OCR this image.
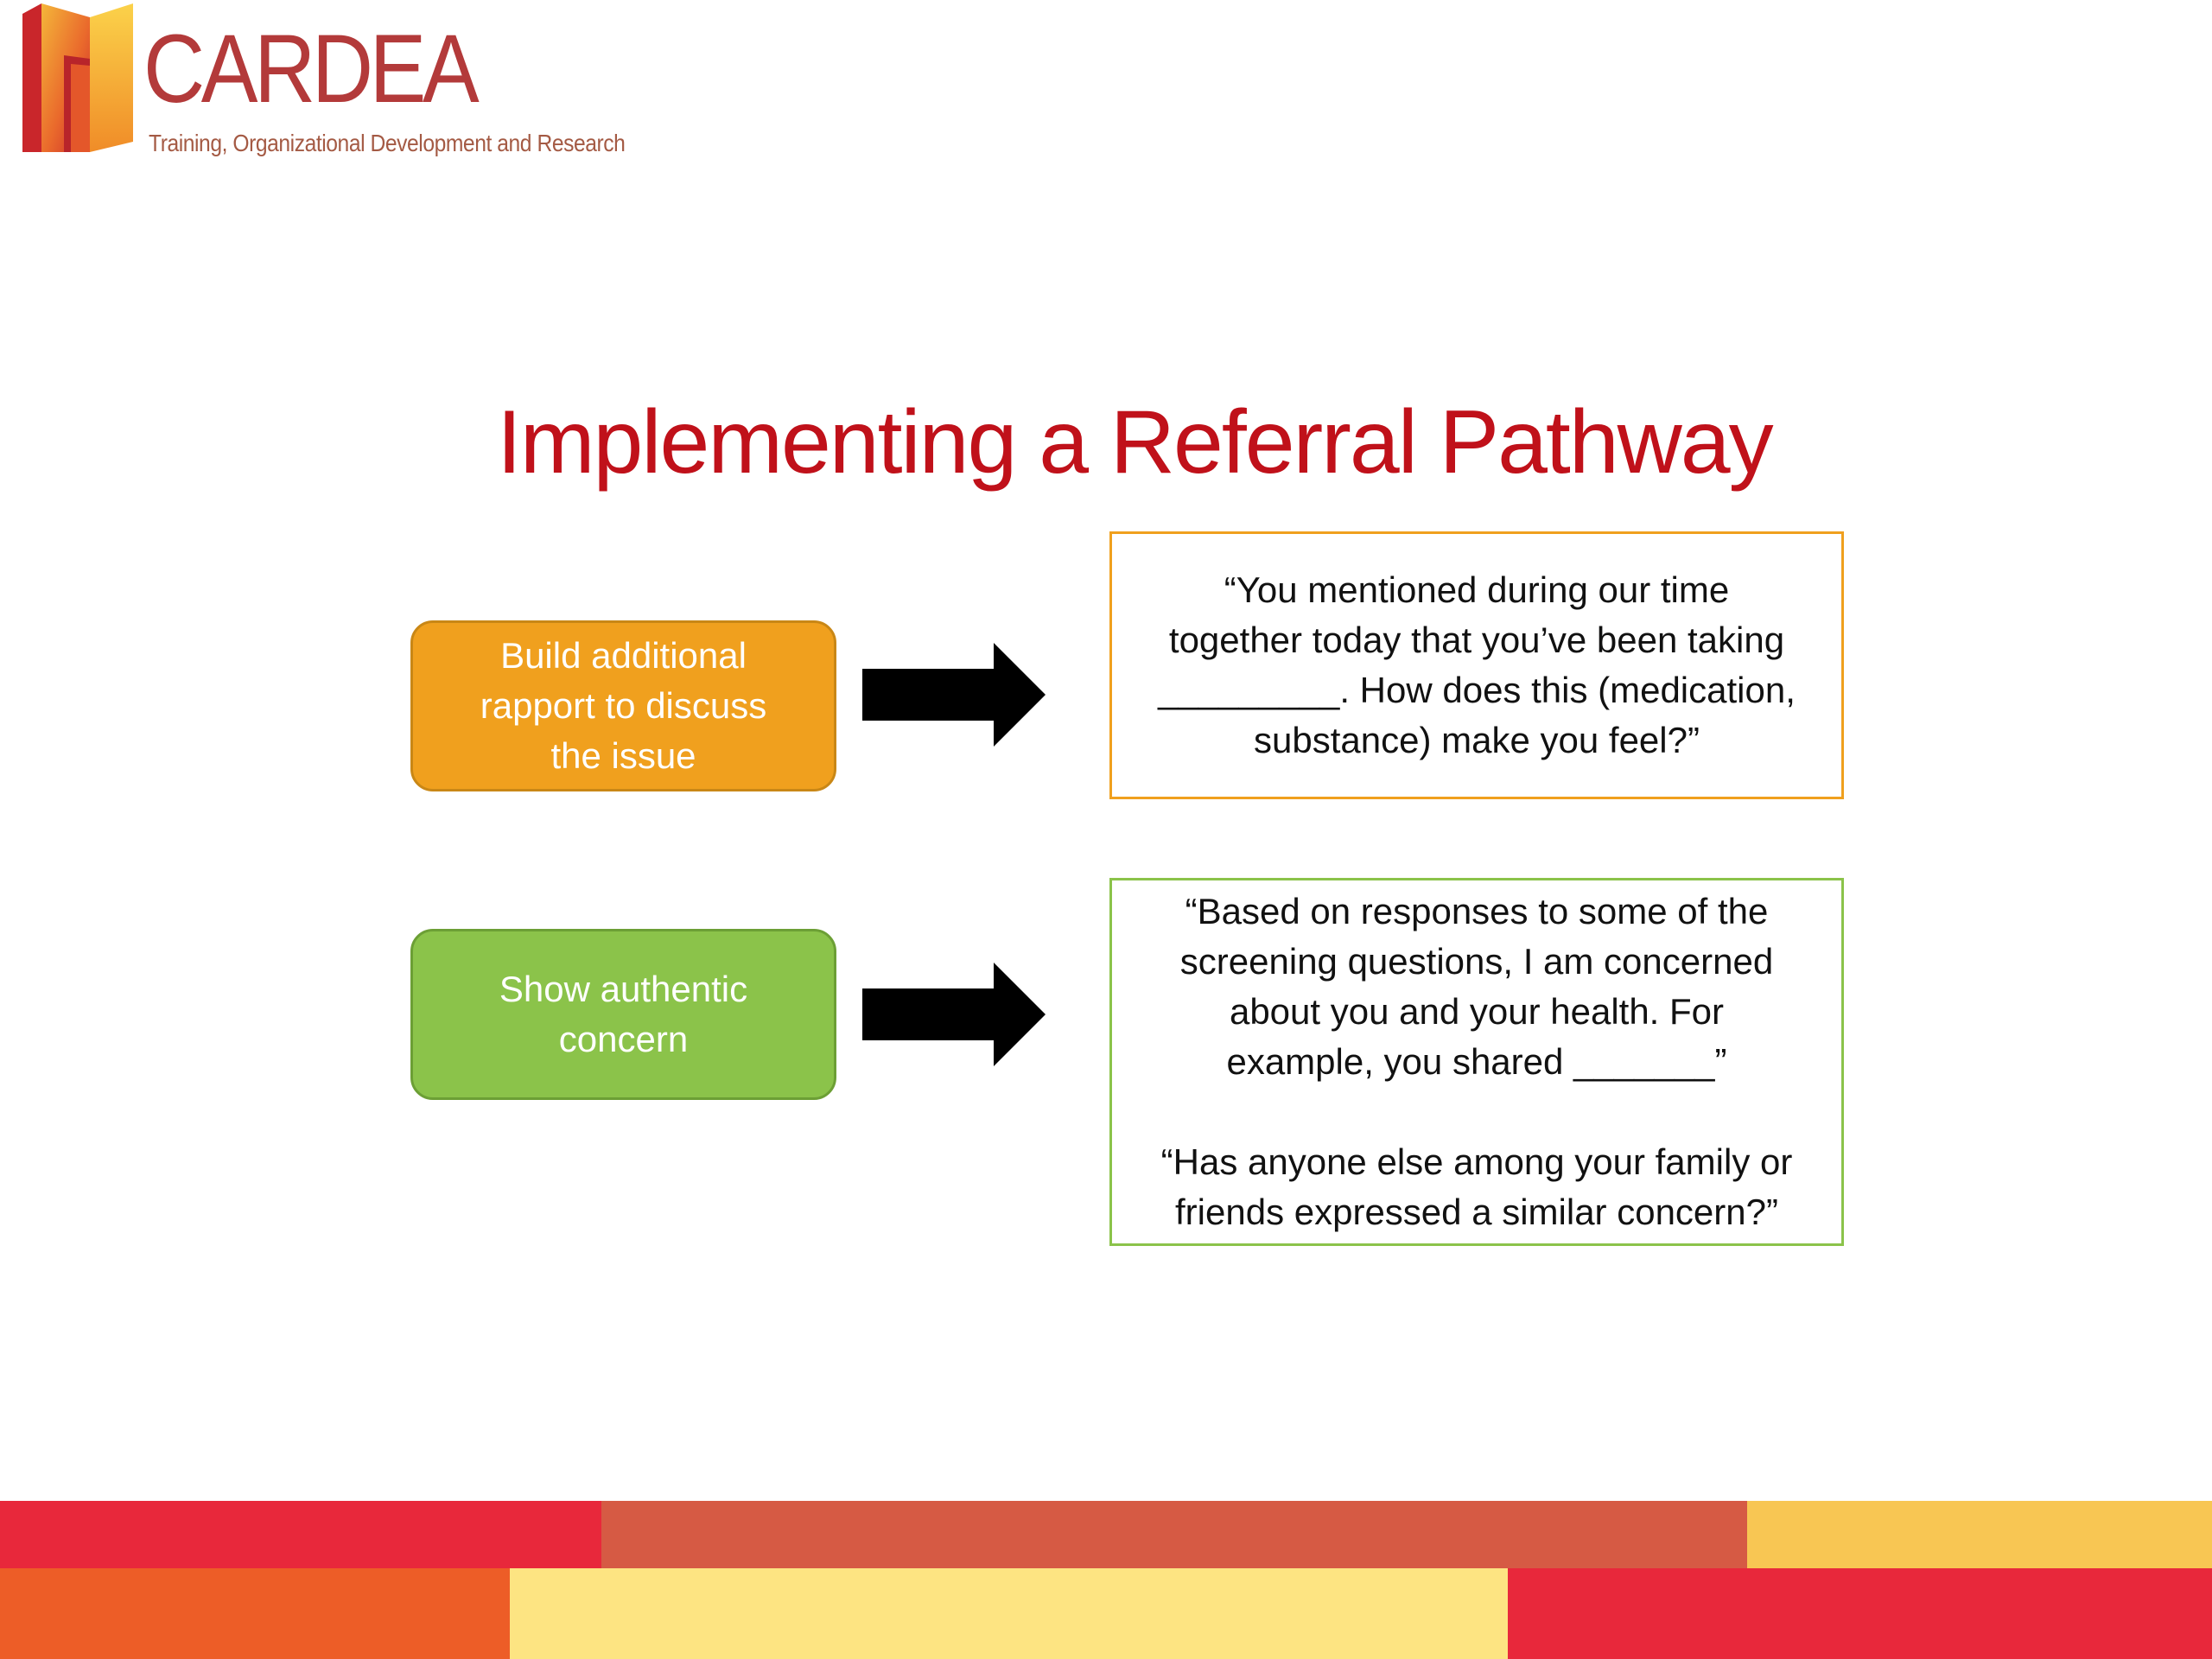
CARDEA
Training, Organizational Development and Research
Implementing a Referral Pathway
Build additional
rapport to discuss
the issue
“You mentioned during our time
together today that you’ve been taking
_________. How does this (medication,
substance) make you feel?”
Show authentic
concern
“Based on responses to some of the
screening questions, I am concerned
about you and your health. For
example, you shared _______”
“Has anyone else among your family or
friends expressed a similar concern?”
